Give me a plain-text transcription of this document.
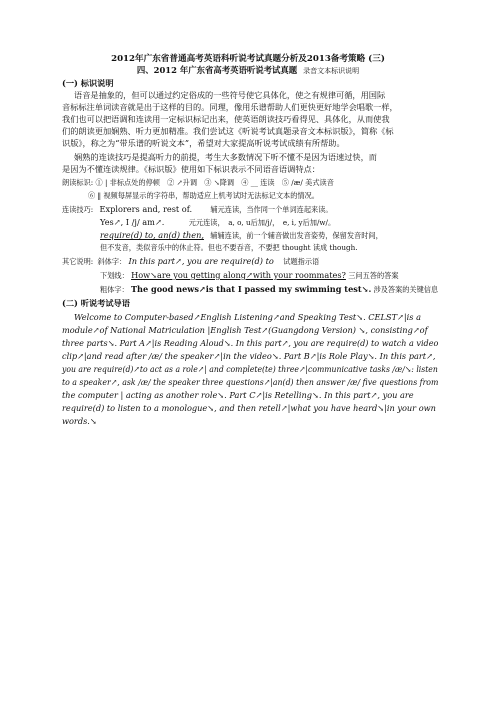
2012年广东省普通高考英语科听说考试真题分析及2013备考策略 (三)
四、2012 年广东省高考英语听说考试真题 录音文本标识说明
(一) 标识说明
语音是抽象的，但可以通过约定俗成的一些符号使它具体化，使之有规律可循，用国际
音标标注单词读音就是出于这样的目的。同理，像用乐谱帮助人们更快更好地学会唱歌一样，
我们也可以把语调和连读用一定标识标记出来，使英语朗读技巧看得见、具体化，从而使我
们的朗读更加娴熟、听力更加精准。我们尝试这《听说考试真题录音文本标识版》，简称《标
识版》，称之为“带乐谱的听说文本”，希望对大家提高听说考试成绩有所帮助。
娴熟的连读技巧是提高听力的前提，考生大多数情况下听不懂不是因为语速过快，而
是因为不懂连读规律。《标识版》使用如下标识表示不同语音语调特点：
朗读标识: ① | 非标点处的停顿　② ↗升调　③ ↘降调　④ __ 连读　⑤ /æ/ 美式读音
⑥ ‖ 视频每屏显示的字符串，帮助适应上机考试时无法标记文本的情况。
连读技巧: Explorers and, rest of.	辅元连读，当作同一个单词连起来读。
Yes↗, I /j/ am↗.	元元连读，　a, o, u后加/j/，　e, i, y后加/w/。
require(d) to, an(d) then, 辅辅连读，前一个辅音做出发音姿势，保留发音时间，
但不发音，类似音乐中的休止符。但也不要吞音，不要把 thought 读成 though.
其它说明: 斜体字： In this part↗, you are require(d) to 　试题指示语
下划线： How↘are you getting along↗with your roommates? 三问五答的答案
粗体字： The good news↗is that I passed my swimming test↘. 涉及答案的关键信息
(二) 听说考试导语
Welcome to Computer-based↗English Listening↗and Speaking Test↘. CELST↗|is a
module↗of National Matriculation |English Test↗(Guangdong Version) ↘, consisting↗of
three parts↘. Part A↗|is Reading Aloud↘. In this part↗, you are require(d) to watch a video
clip↗|and read after /æ/ the speaker↗|in the video↘. Part B↗|is Role Play↘. In this part↗,
you are require(d)↗to act as a role↗| and complete(te) three↗|communicative tasks /æ/↘: listen
to a speaker↗, ask /æ/ the speaker three questions↗|an(d) then answer /æ/ five questions from
the computer | acting as another role↘. Part C↗|is Retelling↘. In this part↗, you are
require(d) to listen to a monologue↘, and then retell↗|what you have heard↘|in your own
words.↘
